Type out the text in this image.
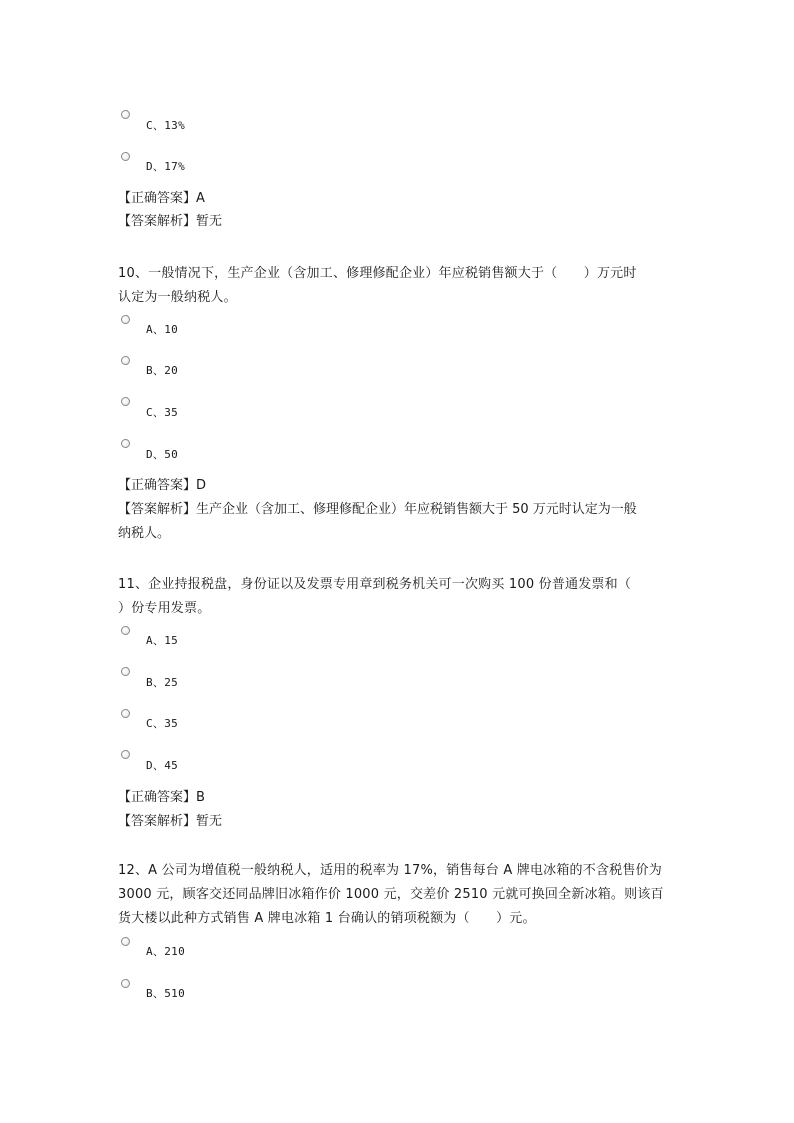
C、13%
D、17%
【正确答案】A
【答案解析】暂无
10、一般情况下，生产企业（含加工、修理修配企业）年应税销售额大于（　　）万元时
认定为一般纳税人。
A、10
B、20
C、35
D、50
【正确答案】D
【答案解析】生产企业（含加工、修理修配企业）年应税销售额大于 50 万元时认定为一般
纳税人。
11、企业持报税盘，身份证以及发票专用章到税务机关可一次购买 100 份普通发票和（
）份专用发票。
A、15
B、25
C、35
D、45
【正确答案】B
【答案解析】暂无
12、A 公司为增值税一般纳税人，适用的税率为 17%，销售每台 A 牌电冰箱的不含税售价为
3000 元，顾客交还同品牌旧冰箱作价 1000 元，交差价 2510 元就可换回全新冰箱。则该百
货大楼以此种方式销售 A 牌电冰箱 1 台确认的销项税额为（　　）元。
A、210
B、510
